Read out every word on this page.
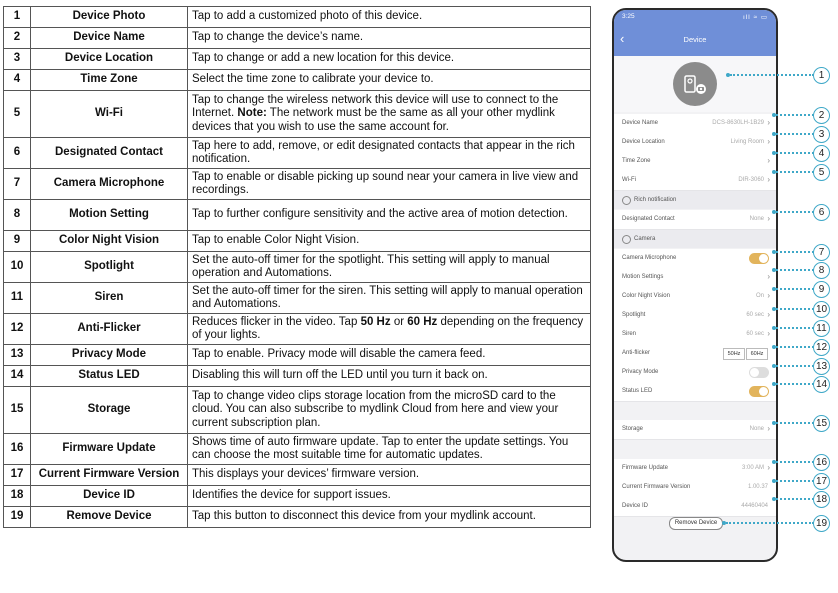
1	Device Photo	Tap to add a customized photo of this device.
2	Device Name	Tap to change the device’s name.
3	Device Location	Tap to change or add a new location for this device.
4	Time Zone	Select the time zone to calibrate your device to.
5	Wi-Fi	Tap to change the wireless network this device will use to connect to the Internet. Note: The network must be the same as all your other mydlink devices that you wish to use the same account for.
6	Designated Contact	Tap here to add, remove, or edit designated contacts that appear in the rich notification.
7	Camera Microphone	Tap to enable or disable picking up sound near your camera in live view and recordings.
8	Motion Setting	Tap to further configure sensitivity and the active area of motion detection.
9	Color Night Vision	Tap to enable Color Night Vision.
10	Spotlight	Set the auto-off timer for the spotlight. This setting will apply to manual operation and Automations.
11	Siren	Set the auto-off timer for the siren. This setting will apply to manual operation and Automations.
12	Anti-Flicker	Reduces flicker in the video. Tap 50 Hz or 60 Hz depending on the frequency of your lights.
13	Privacy Mode	Tap to enable. Privacy mode will disable the camera feed.
14	Status LED	Disabling this will turn off the LED until you turn it back on.
15	Storage	Tap to change video clips storage location from the microSD card to the cloud. You can also subscribe to mydlink Cloud from here and view your current subscription plan.
16	Firmware Update	Shows time of auto firmware update. Tap to enter the update settings. You can choose the most suitable time for automatic updates.
17	Current Firmware Version	This displays your devices’ firmware version.
18	Device ID	Identifies the device for support issues.
19	Remove Device	Tap this button to disconnect this device from your mydlink account.
3:25	ıll ≈ ▭
‹	Device
Device Name	DCS-8630LH-1B29 ›
Device Location	Living Room ›
Time Zone	›
Wi-Fi	DIR-3060 ›
Rich notification
Designated Contact	None ›
Camera
Camera Microphone
Motion Settings	›
Color Night Vision	On ›
Spotlight	60 sec ›
Siren	60 sec ›
Anti-flicker	50Hz	60Hz
Privacy Mode
Status LED
Storage	None ›
Firmware Update	3:00 AM ›
Current Firmware Version	1.00.37
Device ID	44460404
Remove Device
1
2
3
4
5
6
7
8
9
10
11
12
13
14
15
16
17
18
19
